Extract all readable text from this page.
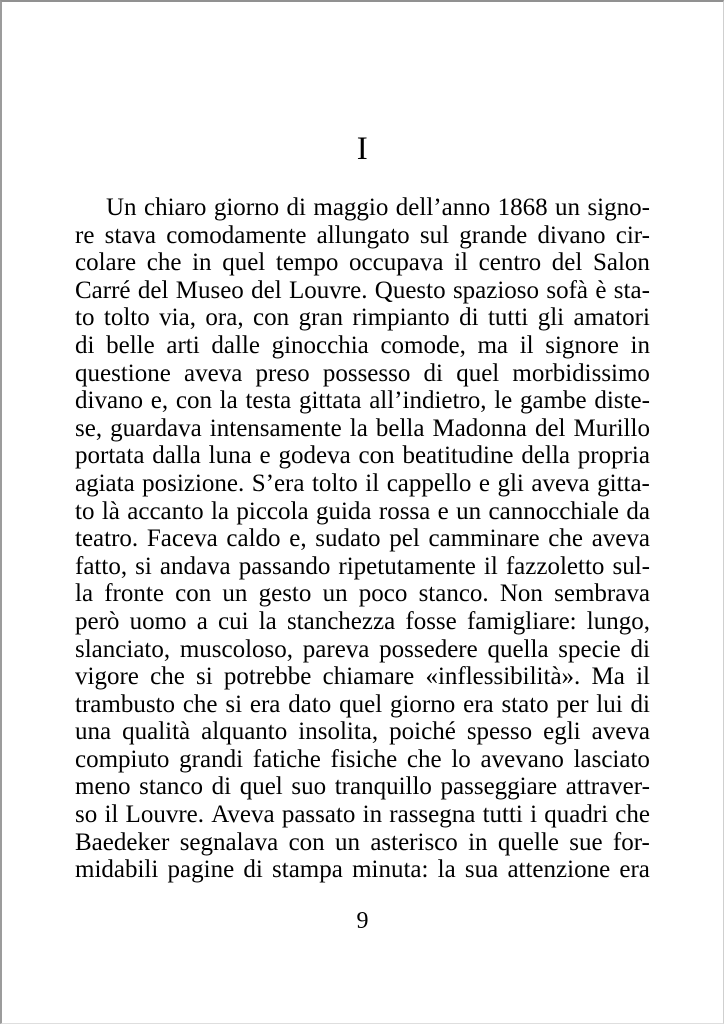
I
Un chiaro giorno di maggio dell’anno 1868 un signo-
re stava comodamente allungato sul grande divano cir-
colare che in quel tempo occupava il centro del Salon
Carré del Museo del Louvre. Questo spazioso sofà è sta-
to tolto via, ora, con gran rimpianto di tutti gli amatori
di belle arti dalle ginocchia comode, ma il signore in
questione aveva preso possesso di quel morbidissimo
divano e, con la testa gittata all’indietro, le gambe diste-
se, guardava intensamente la bella Madonna del Murillo
portata dalla luna e godeva con beatitudine della propria
agiata posizione. S’era tolto il cappello e gli aveva gitta-
to là accanto la piccola guida rossa e un cannocchiale da
teatro. Faceva caldo e, sudato pel camminare che aveva
fatto, si andava passando ripetutamente il fazzoletto sul-
la fronte con un gesto un poco stanco. Non sembrava
però uomo a cui la stanchezza fosse famigliare: lungo,
slanciato, muscoloso, pareva possedere quella specie di
vigore che si potrebbe chiamare «inflessibilità». Ma il
trambusto che si era dato quel giorno era stato per lui di
una qualità alquanto insolita, poiché spesso egli aveva
compiuto grandi fatiche fisiche che lo avevano lasciato
meno stanco di quel suo tranquillo passeggiare attraver-
so il Louvre. Aveva passato in rassegna tutti i quadri che
Baedeker segnalava con un asterisco in quelle sue for-
midabili pagine di stampa minuta: la sua attenzione era
9
